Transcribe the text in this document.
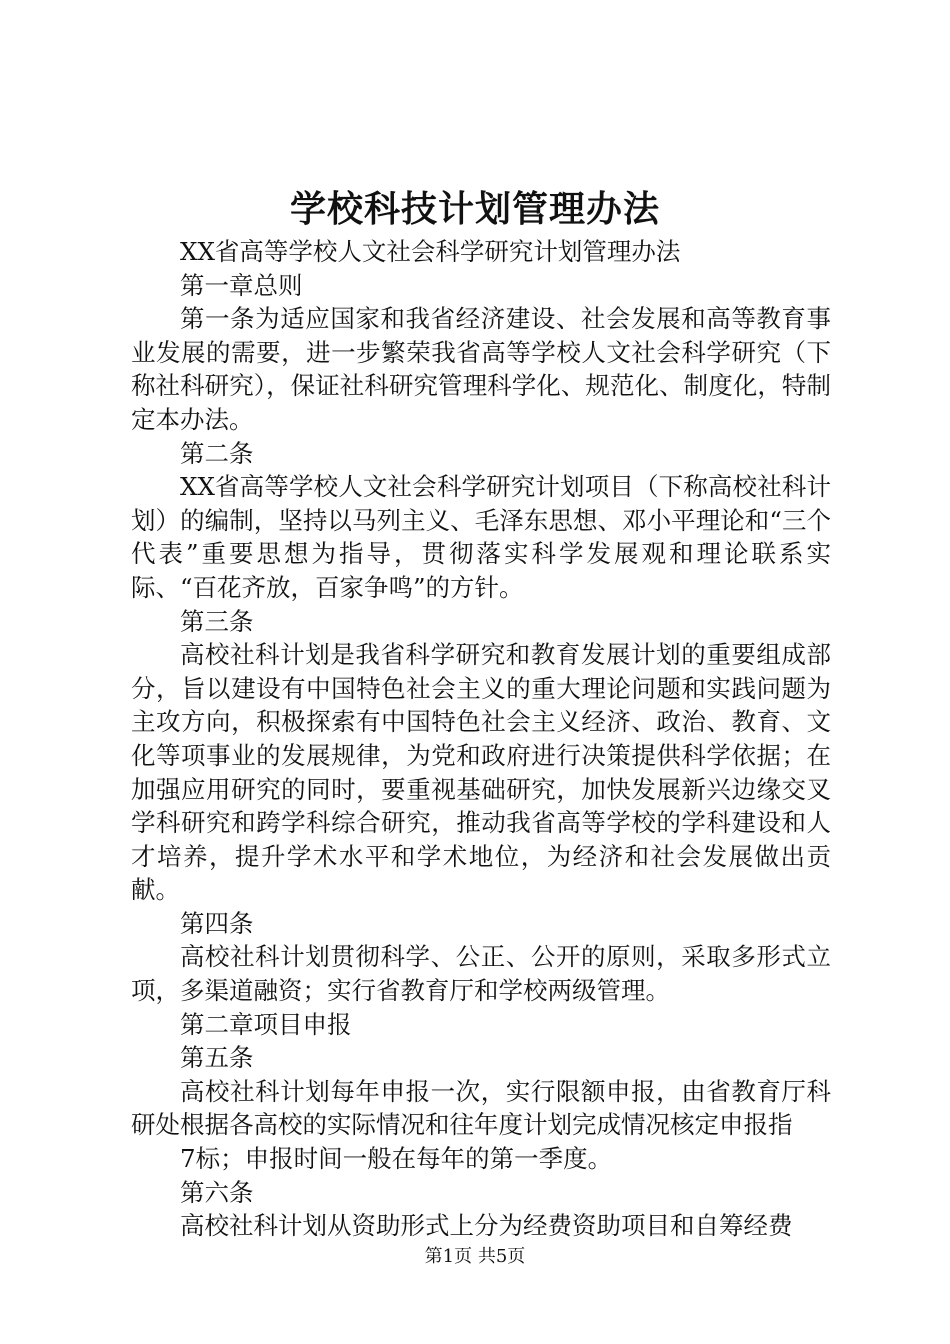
学校科技计划管理办法

XX省高等学校人文社会科学研究计划管理办法

第一章总则

第一条为适应国家和我省经济建设、社会发展和高等教育事业发展的需要，进一步繁荣我省高等学校人文社会科学研究（下称社科研究），保证社科研究管理科学化、规范化、制度化，特制定本办法。

第二条

XX省高等学校人文社会科学研究计划项目（下称高校社科计划）的编制，坚持以马列主义、毛泽东思想、邓小平理论和“三个代表”重要思想为指导，贯彻落实科学发展观和理论联系实际、“百花齐放，百家争鸣”的方针。

第三条

高校社科计划是我省科学研究和教育发展计划的重要组成部分，旨以建设有中国特色社会主义的重大理论问题和实践问题为主攻方向，积极探索有中国特色社会主义经济、政治、教育、文化等项事业的发展规律，为党和政府进行决策提供科学依据；在加强应用研究的同时，要重视基础研究，加快发展新兴边缘交叉学科研究和跨学科综合研究，推动我省高等学校的学科建设和人才培养，提升学术水平和学术地位，为经济和社会发展做出贡献。

第四条

高校社科计划贯彻科学、公正、公开的原则，采取多形式立项，多渠道融资；实行省教育厅和学校两级管理。

第二章项目申报

第五条

高校社科计划每年申报一次，实行限额申报，由省教育厅科研处根据各高校的实际情况和往年度计划完成情况核定申报指

7标；申报时间一般在每年的第一季度。

第六条

高校社科计划从资助形式上分为经费资助项目和自筹经费

第1页 共5页
